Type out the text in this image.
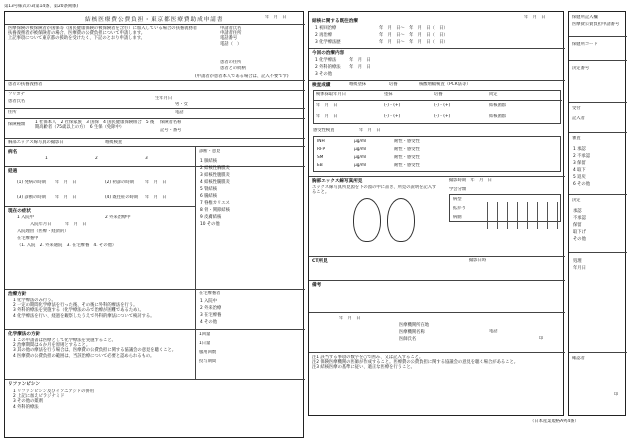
第13号様式の3(第14条、第20条関係)
結核医療費公費負担・東京都医療費助成申請書	年　月　日
医療保険の被保険者が国保等（国民健康保険の被保険者を含む）に加入している場合の扶養義務者
扶養義務者が被保険者の場合、医療費の公費負担について申請します。
上記事項について東京都の援助を受けたく、下記のとおり申請します。
申請者氏名
申請者住所
電話番号
電話（　）
患者の住所
患者との続柄
(申請者が患者本人である場合は、記入不要です)
患者の扶養義務者
フリガナ
患者氏名
生年月日
男・女
住所	電話
保険種類 1 社保本人　2 社保家族　3 国保　4 国民健康保険組合　5 後期高齢者（75歳以上の方）　6 生保（免除中）
保険者名称
記号・番号
胸部エックス線写真の撮影日	喀痰検査
病名
1	2	3
経過
(1) 発病の時期 年　月　日	(2) 初診の時期	年　月　日
(3) 診断の時期 年　月　日	(4) 既往症の時期 年　月　日
現在の症状
1 入院中	2 外来治療中
入院年月日	年　月　日
入院理由（医療・経済的）
在宅療養中
（1. 入院　2. 外来通院　3. 在宅療養　4. その他）
診断・意見
1 肺結核
2 結核性胸膜炎
3 結核性腹膜炎
4 結核性髄膜炎
5 腎結核
6 腸結核
7 脊椎カリエス
8 骨・関節結核
9 皮膚結核
10 その他
治療方針
1 化学療法のみ行う。
2 一定の期間化学療法を行った後、その後に外科的療法を行う。
3 外科的療法を実施する（化学療法のみで治療が困難であるため）。
4 化学療法を行い、経過を観察したうえで外科的療法について検討する。
在宅療養者
1 入院中
2 外来治療
3 在宅療養
4 その他
化学療法の方針
1 この申請書は医療として化学療法を実施すること。
2 治療期間は６か月を原則とすること。
3 其の他の療法を行う場合は、医療費の公費負担に関する協議会の意見を聴くこと。
4 医療費の公費負担の範囲は、当該治療について必要と認められるもの。
1回量
1日量
服用回数
投与期間
リファンピシン
1 リファンピシン及びイソニアジドの併用
2 上記に加えピラジナミド
3 その他の薬剤
4 外科的療法
年　月　日
結核に関する既往治療
1 初回治療
2 再治療
3 化学療法歴
年　月　日～　年　月　日（　日）
年　月　日～　年　月　日（　日）
年　月　日～　年　月　日（　日）
今回の治療内容
1 化学療法　　　年　月　日
2 外科的療法　　年　月　日
3 その他
検査成績	喀痰塗抹	培養	核酸増幅検査（PCR法等）
検体採取年月日	塗抹	培養	同定
年　月　日	(-)・(+)	(-)・(+)	結核菌群
年　月　日	(-)・(+)	(-)・(+)	結核菌群
感受性検査	年　月　日
INH	μg/ml	耐性・感受性
RFP	μg/ml	耐性・感受性
SM	μg/ml	耐性・感受性
EB	μg/ml	耐性・感受性
胸部エックス線写真所見	撮影時期　年　月　日
エックス線写真所見図を下の図の中に書き、所見の説明を記入すること。
学会分類
病型
拡がり
病側
CT所見	撮影日時
備考
年　月　日
医療機関所在地
医療機関名称
医師氏名
電話
印
注1 該当する事項の数字を○で囲み、又は記入すること。
注2 保険医療機関の医師が作成すること。医療費の公費負担に関する協議会の意見を聴く場合があること。
注3 結核医療の基準に従い、適正な医療を行うこと。
（日本産業規格A列4番）
保健所記入欄
医療費公費負担申請番号
保健所コード
決定番号
受付
記入者
審査
1 承認
2 不承認
3 保留
4 取下
5 返戻
6 その他
決定
承認
不承認
保留
取下げ
その他
処理
年月日
確認者
印
